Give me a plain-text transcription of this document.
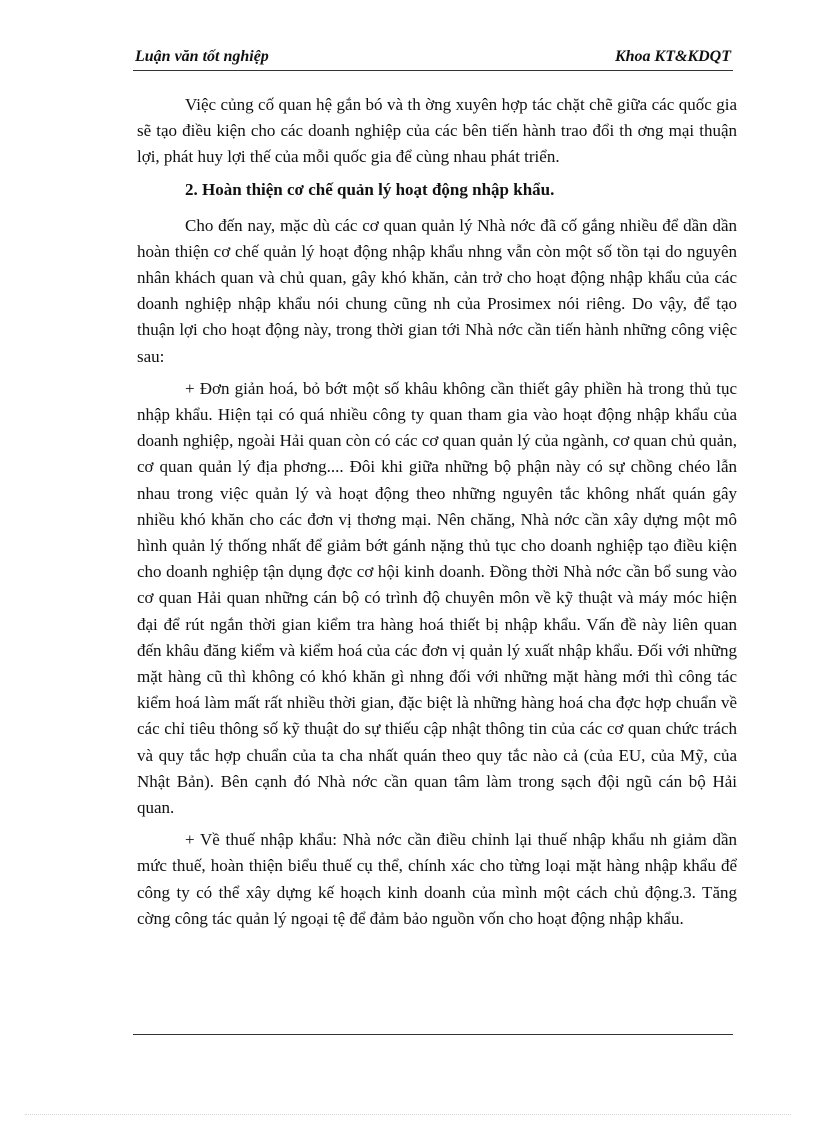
Luận văn tốt nghiệp	Khoa KT&KDQT

Việc củng cố quan hệ gắn bó và th ờng xuyên hợp tác chặt chẽ giữa các quốc gia sẽ tạo điều kiện cho các doanh nghiệp của các bên tiến hành trao đổi th ơng mại thuận lợi, phát huy lợi thế của mỗi quốc gia để cùng nhau phát triển.

2. Hoàn thiện cơ chế quản lý hoạt động nhập khẩu.

Cho đến nay, mặc dù các cơ quan quản lý Nhà nớc đã cố gắng nhiều để dần dần hoàn thiện cơ chế quản lý hoạt động nhập khẩu nhng vẫn còn một số tồn tại do nguyên nhân khách quan và chủ quan, gây khó khăn, cản trở cho hoạt động nhập khẩu của các doanh nghiệp nhập khẩu nói chung cũng nh của Prosimex nói riêng. Do vậy, để tạo thuận lợi cho hoạt động này, trong thời gian tới Nhà nớc cần tiến hành những công việc sau:

+ Đơn giản hoá, bỏ bớt một số khâu không cần thiết gây phiền hà trong thủ tục nhập khẩu. Hiện tại có quá nhiều công ty quan tham gia vào hoạt động nhập khẩu của doanh nghiệp, ngoài Hải quan còn có các cơ quan quản lý của ngành, cơ quan chủ quản, cơ quan quản lý địa phơng.... Đôi khi giữa những bộ phận này có sự chồng chéo lẫn nhau trong việc quản lý và hoạt động theo những nguyên tắc không nhất quán gây nhiều khó khăn cho các đơn vị thơng mại. Nên chăng, Nhà nớc cần xây dựng một mô hình quản lý thống nhất để giảm bớt gánh nặng thủ tục cho doanh nghiệp tạo điều kiện cho doanh nghiệp tận dụng đợc cơ hội kinh doanh. Đồng thời Nhà nớc cần bổ sung vào cơ quan Hải quan những cán bộ có trình độ chuyên môn về kỹ thuật và máy móc hiện đại để rút ngắn thời gian kiểm tra hàng hoá thiết bị nhập khẩu. Vấn đề này liên quan đến khâu đăng kiểm và kiểm hoá của các đơn vị quản lý xuất nhập khẩu. Đối với những mặt hàng cũ thì không có khó khăn gì nhng đối với những mặt hàng mới thì công tác kiểm hoá làm mất rất nhiều thời gian, đặc biệt là những hàng hoá cha đợc hợp chuẩn về các chỉ tiêu thông số kỹ thuật do sự thiếu cập nhật thông tin của các cơ quan chức trách và quy tắc hợp chuẩn của ta cha nhất quán theo quy tắc nào cả (của EU, của Mỹ, của Nhật Bản). Bên cạnh đó Nhà nớc cần quan tâm làm trong sạch đội ngũ cán bộ Hải quan.

+ Về thuế nhập khẩu: Nhà nớc cần điều chỉnh lại thuế nhập khẩu nh giảm dần mức thuế, hoàn thiện biểu thuế cụ thể, chính xác cho từng loại mặt hàng nhập khẩu để công ty có thể xây dựng kế hoạch kinh doanh của mình một cách chủ động.3. Tăng cờng công tác quản lý ngoại tệ để đảm bảo nguồn vốn cho hoạt động nhập khẩu.
